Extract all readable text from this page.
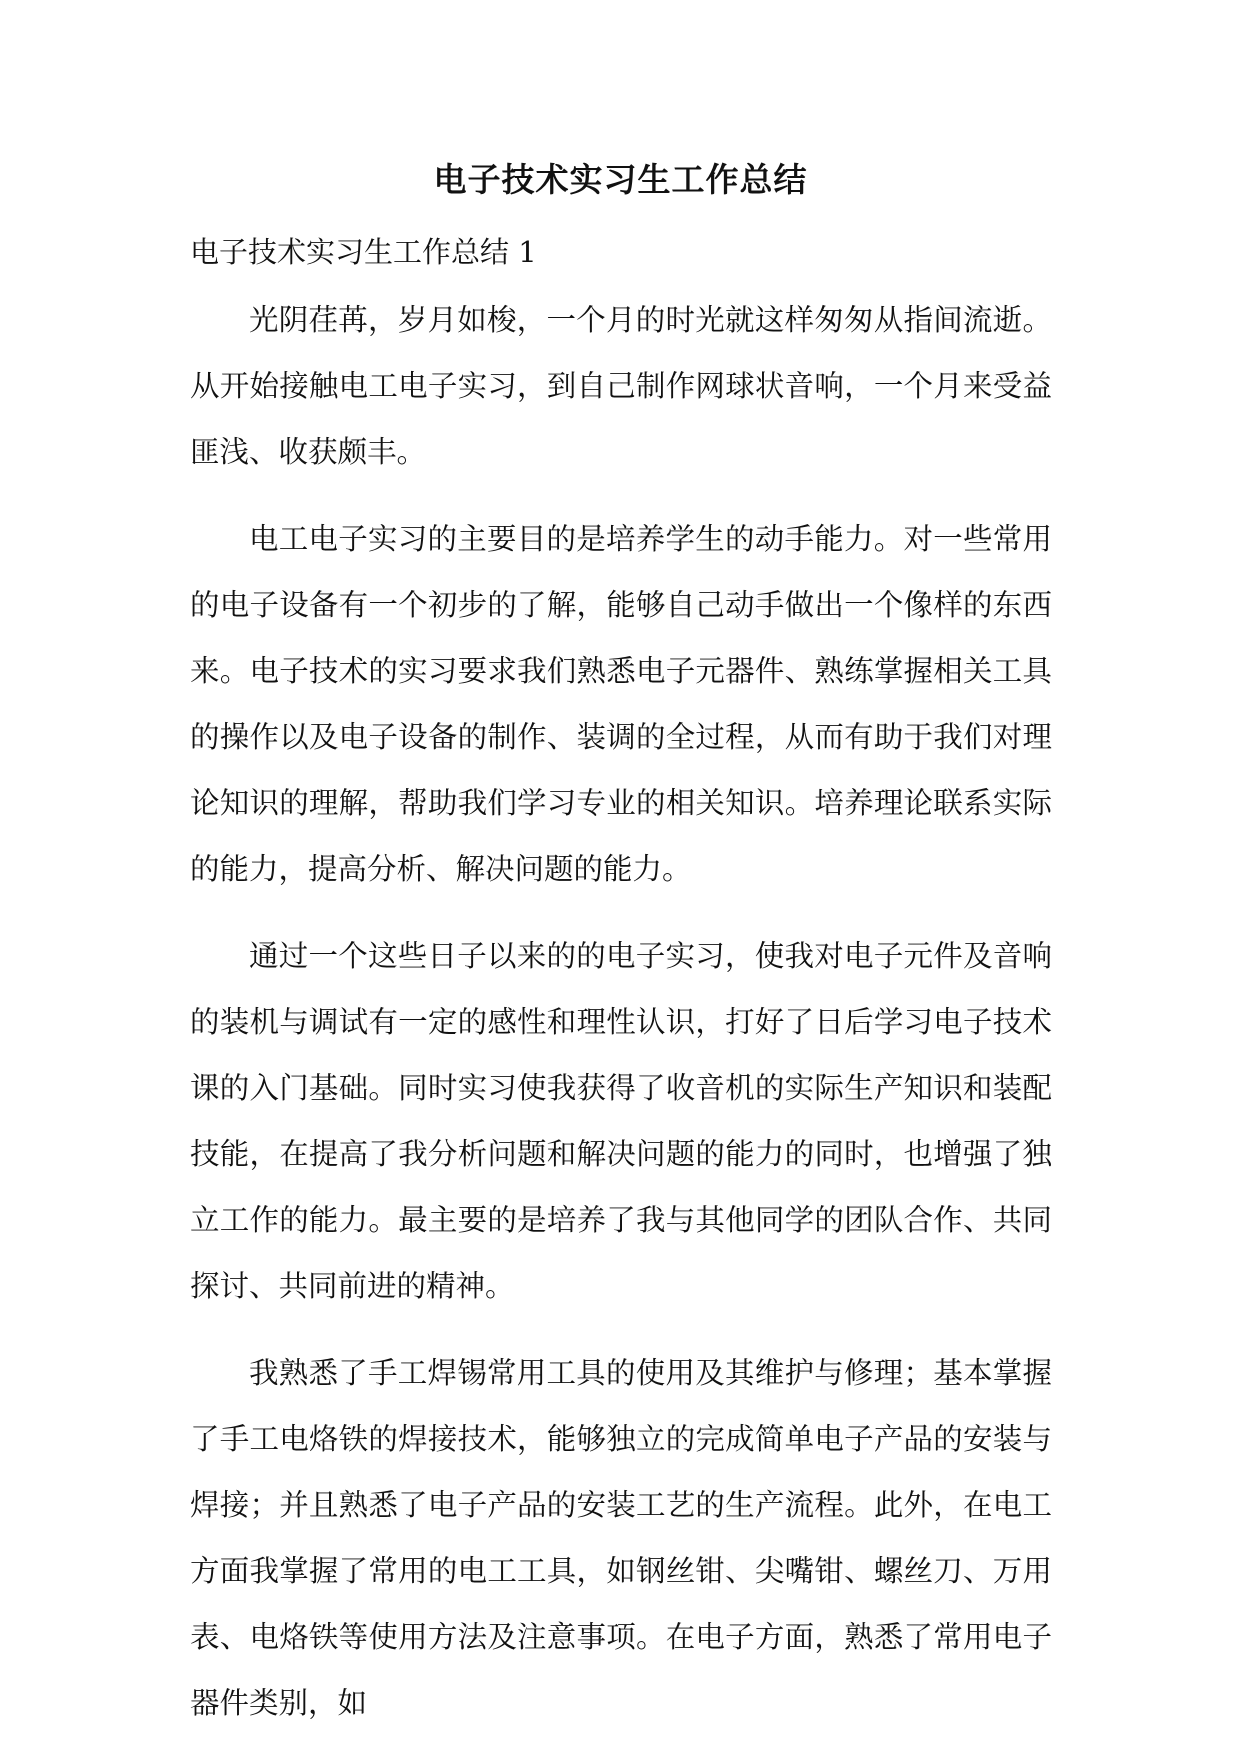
电子技术实习生工作总结

电子技术实习生工作总结 1

光阴荏苒，岁月如梭，一个月的时光就这样匆匆从指间流逝。从开始接触电工电子实习，到自己制作网球状音响，一个月来受益匪浅、收获颇丰。

电工电子实习的主要目的是培养学生的动手能力。对一些常用的电子设备有一个初步的了解，能够自己动手做出一个像样的东西来。电子技术的实习要求我们熟悉电子元器件、熟练掌握相关工具的操作以及电子设备的制作、装调的全过程，从而有助于我们对理论知识的理解，帮助我们学习专业的相关知识。培养理论联系实际的能力，提高分析、解决问题的能力。

通过一个这些日子以来的的电子实习，使我对电子元件及音响的装机与调试有一定的感性和理性认识，打好了日后学习电子技术课的入门基础。同时实习使我获得了收音机的实际生产知识和装配技能，在提高了我分析问题和解决问题的能力的同时，也增强了独立工作的能力。最主要的是培养了我与其他同学的团队合作、共同探讨、共同前进的精神。

我熟悉了手工焊锡常用工具的使用及其维护与修理；基本掌握了手工电烙铁的焊接技术，能够独立的完成简单电子产品的安装与焊接；并且熟悉了电子产品的安装工艺的生产流程。此外，在电工方面我掌握了常用的电工工具，如钢丝钳、尖嘴钳、螺丝刀、万用表、电烙铁等使用方法及注意事项。在电子方面，熟悉了常用电子器件类别，如
